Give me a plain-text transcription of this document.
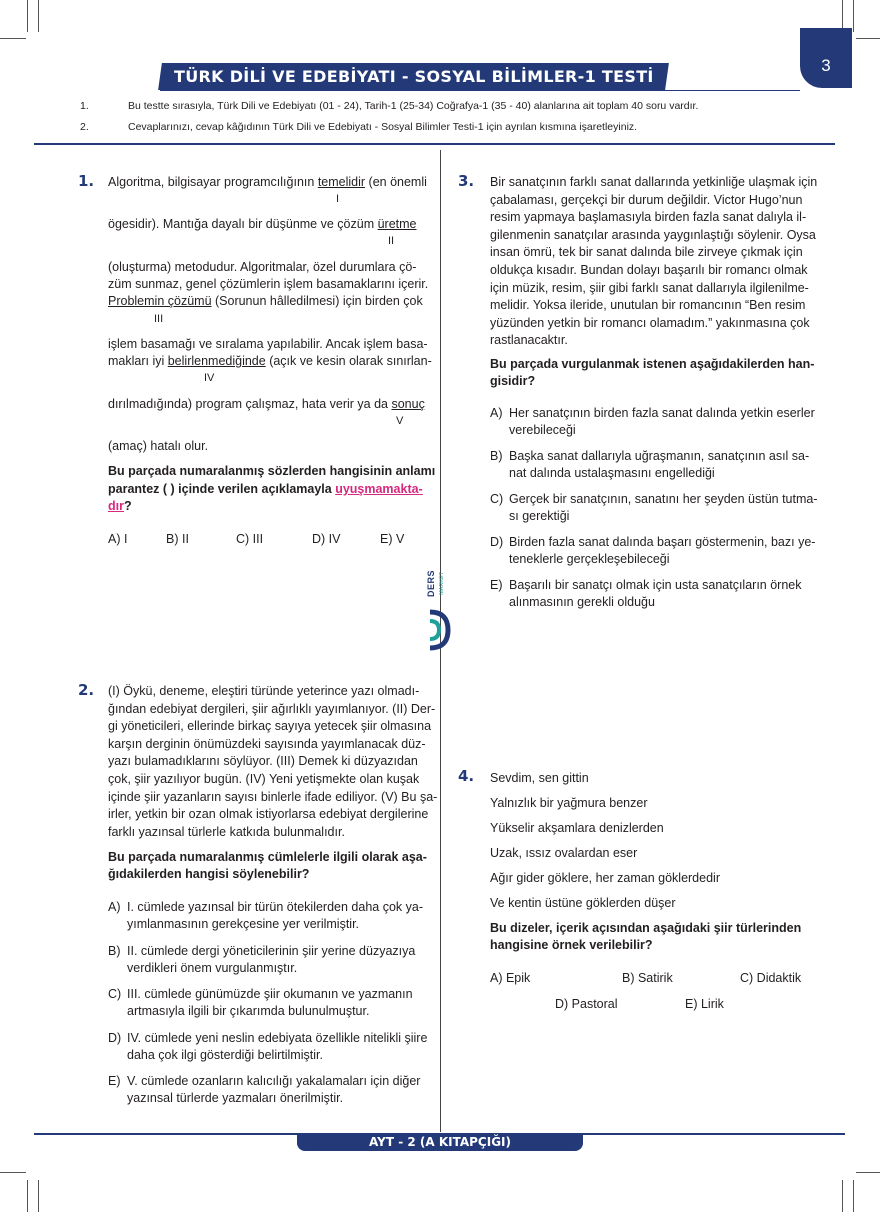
TÜRK DİLİ VE EDEBİYATI - SOSYAL BİLİMLER-1 TESTİ
3
1.	Bu testte sırasıyla, Türk Dili ve Edebiyatı (01 - 24), Tarih-1 (25-34) Coğrafya-1 (35 - 40) alanlarına ait toplam 40 soru vardır.
2.	Cevaplarınızı, cevap kâğıdının Türk Dili ve Edebiyatı - Sosyal Bilimler Testi-1 için ayrılan kısmına işaretleyiniz.
DERS MARKET
1. Algoritma, bilgisayar programcılığının temelidir (en önemli
I
ögesidir). Mantığa dayalı bir düşünme ve çözüm üretme
II
(oluşturma) metodudur. Algoritmalar, özel durumlara çö-
züm sunmaz, genel çözümlerin işlem basamaklarını içerir.
Problemin çözümü (Sorunun hâlledilmesi) için birden çok
III
işlem basamağı ve sıralama yapılabilir. Ancak işlem basa-
makları iyi belirlenmediğinde (açık ve kesin olarak sınırlan-
IV
dırılmadığında) program çalışmaz, hata verir ya da sonuç
V
(amaç) hatalı olur.
Bu parçada numaralanmış sözlerden hangisinin anlamı
parantez ( ) içinde verilen açıklamayla uyuşmamakta-
dır?
A) I	B) II	C) III	D) IV	E) V
2. (I) Öykü, deneme, eleştiri türünde yeterince yazı olmadı-
ğından edebiyat dergileri, şiir ağırlıklı yayımlanıyor. (II) Der-
gi yöneticileri, ellerinde birkaç sayıya yetecek şiir olmasına
karşın derginin önümüzdeki sayısında yayımlanacak düz-
yazı bulamadıklarını söylüyor. (III) Demek ki düzyazıdan
çok, şiir yazılıyor bugün. (IV) Yeni yetişmekte olan kuşak
içinde şiir yazanların sayısı binlerle ifade ediliyor. (V) Bu şa-
irler, yetkin bir ozan olmak istiyorlarsa edebiyat dergilerine
farklı yazınsal türlerle katkıda bulunmalıdır.
Bu parçada numaralanmış cümlelerle ilgili olarak aşa-
ğıdakilerden hangisi söylenebilir?
A) I. cümlede yazınsal bir türün ötekilerden daha çok ya-
yımlanmasının gerekçesine yer verilmiştir.
B) II. cümlede dergi yöneticilerinin şiir yerine düzyazıya
verdikleri önem vurgulanmıştır.
C) III. cümlede günümüzde şiir okumanın ve yazmanın
artmasıyla ilgili bir çıkarımda bulunulmuştur.
D) IV. cümlede yeni neslin edebiyata özellikle nitelikli şiire
daha çok ilgi gösterdiği belirtilmiştir.
E) V. cümlede ozanların kalıcılığı yakalamaları için diğer
yazınsal türlerde yazmaları önerilmiştir.
3. Bir sanatçının farklı sanat dallarında yetkinliğe ulaşmak için
çabalaması, gerçekçi bir durum değildir. Victor Hugo’nun
resim yapmaya başlamasıyla birden fazla sanat dalıyla il-
gilenmenin sanatçılar arasında yaygınlaştığı söylenir. Oysa
insan ömrü, tek bir sanat dalında bile zirveye çıkmak için
oldukça kısadır. Bundan dolayı başarılı bir romancı olmak
için müzik, resim, şiir gibi farklı sanat dallarıyla ilgilenilme-
melidir. Yoksa ileride, unutulan bir romancının “Ben resim
yüzünden yetkin bir romancı olamadım.” yakınmasına çok
rastlanacaktır.
Bu parçada vurgulanmak istenen aşağıdakilerden han-
gisidir?
A) Her sanatçının birden fazla sanat dalında yetkin eserler
verebileceği
B) Başka sanat dallarıyla uğraşmanın, sanatçının asıl sa-
nat dalında ustalaşmasını engellediği
C) Gerçek bir sanatçının, sanatını her şeyden üstün tutma-
sı gerektiği
D) Birden fazla sanat dalında başarı göstermenin, bazı ye-
teneklerle gerçekleşebileceği
E) Başarılı bir sanatçı olmak için usta sanatçıların örnek
alınmasının gerekli olduğu
4. Sevdim, sen gittin
Yalnızlık bir yağmura benzer
Yükselir akşamlara denizlerden
Uzak, ıssız ovalardan eser
Ağır gider göklere, her zaman göklerdedir
Ve kentin üstüne göklerden düşer
Bu dizeler, içerik açısından aşağıdaki şiir türlerinden
hangisine örnek verilebilir?
A) Epik	B) Satirik	C) Didaktik
D) Pastoral	E) Lirik
AYT - 2 (A KITAPÇIĞI)
